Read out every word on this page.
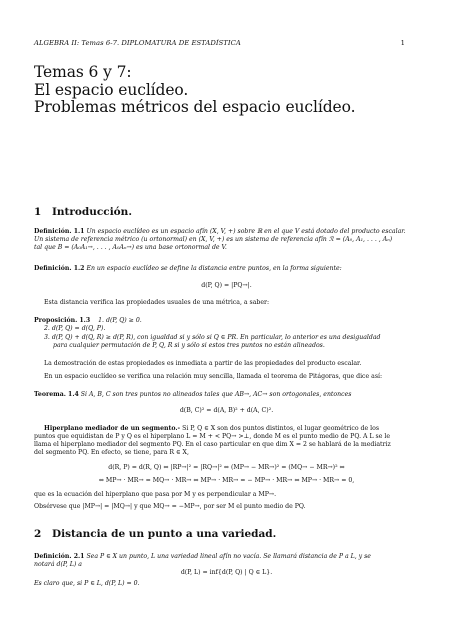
ALGEBRA II: Temas 6-7. DIPLOMATURA DE ESTADÍSTICA	1
Temas 6 y 7:
El espacio euclídeo.
Problemas métricos del espacio euclídeo.
1 Introducción.
Definición. 1.1 Un espacio euclídeo es un espacio afín (X, V, +) sobre ℝ en el que V está dotado del producto escalar.
Un sistema de referencia métrico (u ortonormal) en (X, V, +) es un sistema de referencia afín ℛ = (A₀, A₁, . . . , Aₙ)
tal que B = (A₀A₁→, . . . , A₀Aₙ→) es una base ortonormal de V.
Definición. 1.2 En un espacio euclídeo se define la distancia entre puntos, en la forma siguiente:
d(P, Q) = |PQ→|.
Esta distancia verifica las propiedades usuales de una métrica, a saber:
Proposición. 1.3 1. d(P, Q) ≥ 0.
2. d(P, Q) = d(Q, P).
3. d(P, Q) + d(Q, R) ≥ d(P, R), con igualdad si y sólo si Q ∈ PR. En particular, lo anterior es una desigualdad
para cualquier permutación de P, Q, R si y sólo si estos tres puntos no están alineados.
La demostración de estas propiedades es inmediata a partir de las propiedades del producto escalar.
En un espacio euclídeo se verifica una relación muy sencilla, llamada el teorema de Pitágoras, que dice así:
Teorema. 1.4 Si A, B, C son tres puntos no alineados tales que AB→, AC→ son ortogonales, entonces
d(B, C)² = d(A, B)² + d(A, C)².
Hiperplano mediador de un segmento.- Si P, Q ∈ X son dos puntos distintos, el lugar geométrico de los
puntos que equidistan de P y Q es el hiperplano L = M + < PQ→ >⊥, donde M es el punto medio de PQ. A L se le
llama el hiperplano mediador del segmento PQ. En el caso particular en que dim X = 2 se hablará de la mediatriz
del segmento PQ. En efecto, se tiene, para R ∈ X,
d(R, P) = d(R, Q) ⇔ |RP→|² = |RQ→|² ⇔ (MP→ − MR→)² = (MQ→ − MR→)² ⇔
⇔ MP→ · MR→ = MQ→ · MR→ ⇔ MP→ · MR→ = − MP→ · MR→ ⇔ MP→ · MR→ = 0,
que es la ecuación del hiperplano que pasa por M y es perpendicular a MP→.
Obsérvese que |MP→| = |MQ→| y que MQ→ = −MP→, por ser M el punto medio de PQ.
2 Distancia de un punto a una variedad.
Definición. 2.1 Sea P ∈ X un punto, L una variedad lineal afín no vacía. Se llamará distancia de P a L, y se
notará d(P, L) a
d(P, L) = inf{d(P, Q) | Q ∈ L}.
Es claro que, si P ∈ L, d(P, L) = 0.
